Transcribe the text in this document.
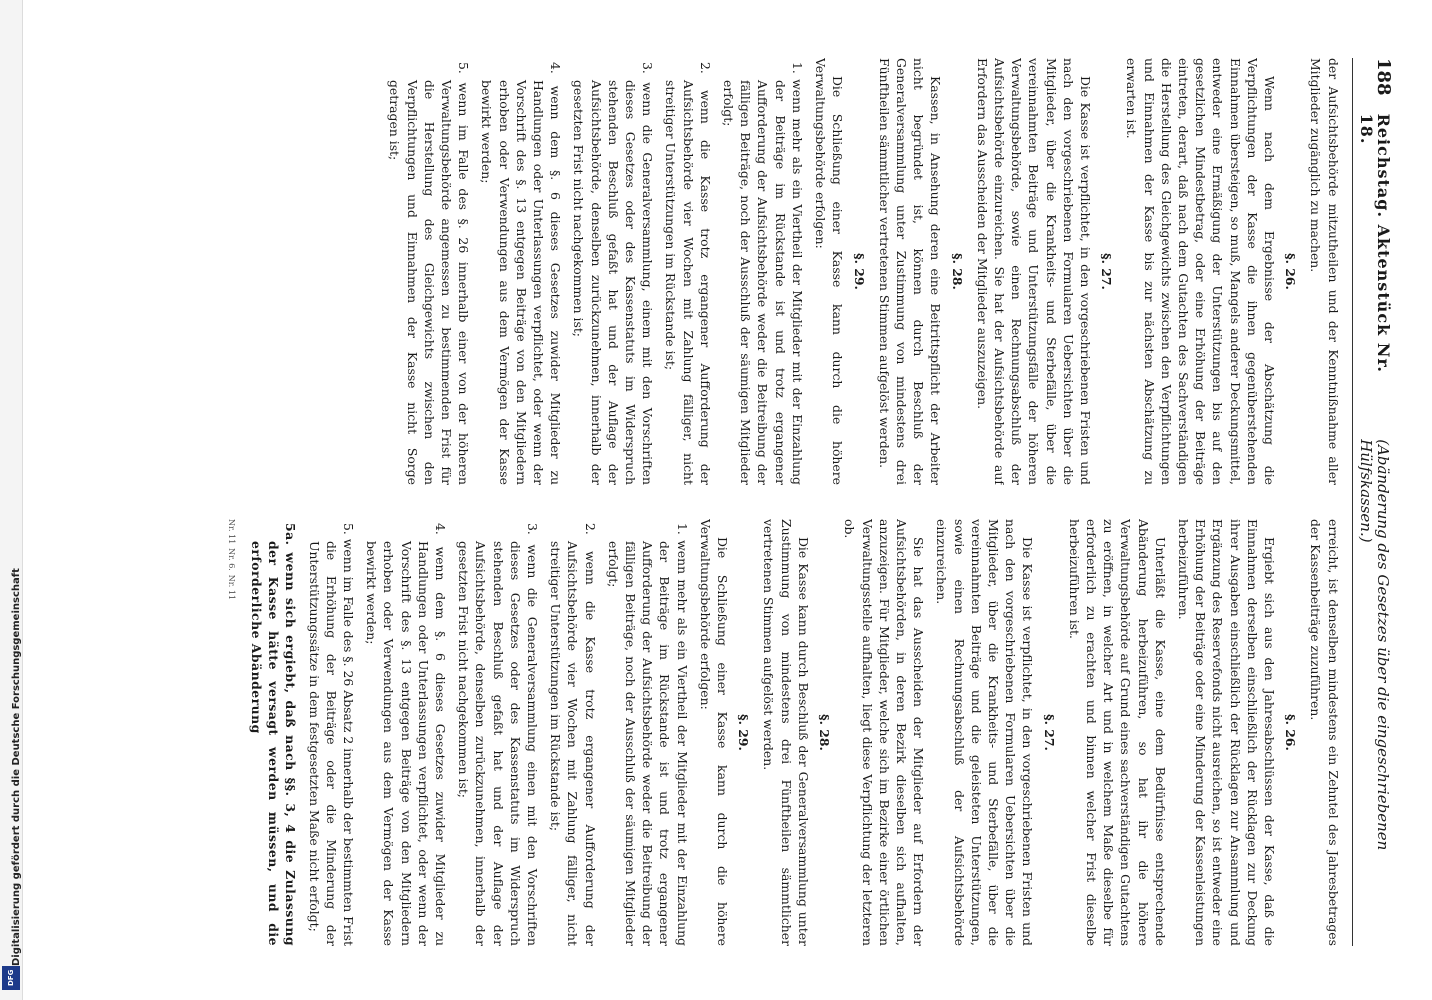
Digitalisierung gefördert durch die Deutsche Forschungsgemeinschaft
DFG
188
Reichstag. Aktenstück Nr. 18.
(Abänderung des Gesetzes über die eingeschriebenen Hülfskassen.)

der Aufsichtsbehörde mitzutheilen und der Kenntnißnahme aller Mitglieder zugänglich zu machen.

§. 26.

Wenn nach dem Ergebnisse der Abschätzung die Verpflichtungen der Kasse die ihnen gegenüberstehenden Einnahmen übersteigen, so muß, Mangels anderer Deckungsmittel, entweder eine Ermäßigung der Unterstützungen bis auf den gesetzlichen Mindestbetrag, oder eine Erhöhung der Beiträge eintreten, derart, daß nach dem Gutachten des Sachverständigen die Herstellung des Gleichgewichts zwischen den Verpflichtungen und Einnahmen der Kasse bis zur nächsten Abschätzung zu erwarten ist.

§. 27.

Die Kasse ist verpflichtet, in den vorgeschriebenen Fristen und nach den vorgeschriebenen Formularen Uebersichten über die Mitglieder, über die Krankheits- und Sterbefälle, über die vereinnahmten Beiträge und Unterstützungsfälle der höheren Verwaltungsbehörde, sowie einen Rechnungsabschluß der Aufsichtsbehörde einzureichen. Sie hat der Aufsichtsbehörde auf Erfordern das Ausscheiden der Mitglieder auszuzeigen.

§. 28.

Kassen, in Ansehung deren eine Beitrittspflicht der Arbeiter nicht begründet ist, können durch Beschluß der Generalversammlung unter Zustimmung von mindestens drei Fünftheilen sämmtlicher vertretenen Stimmen aufgelöst werden.

§. 29.

Die Schließung einer Kasse kann durch die höhere Verwaltungsbehörde erfolgen:

1. wenn mehr als ein Viertheil der Mitglieder mit der Einzahlung der Beiträge im Rückstande ist und trotz ergangener Aufforderung der Aufsichtsbehörde weder die Beitreibung der fälligen Beiträge, noch der Ausschluß der säumigen Mitglieder erfolgt;

2. wenn die Kasse trotz ergangener Aufforderung der Aufsichtsbehörde vier Wochen mit Zahlung fälliger, nicht streitiger Unterstützungen im Rückstande ist;

3. wenn die Generalversammlung, einem mit den Vorschriften dieses Gesetzes oder des Kassenstatuts im Widerspruch stehenden Beschluß gefaßt hat und der Auflage der Aufsichtsbehörde, denselben zurückzunehmen, innerhalb der gesetzten Frist nicht nachgekommen ist;

4. wenn dem §. 6 dieses Gesetzes zuwider Mitglieder zu Handlungen oder Unterlassungen verpflichtet, oder wenn der Vorschrift des §. 13 entgegen Beiträge von den Mitgliedern erhoben oder Verwendungen aus dem Vermögen der Kasse bewirkt werden;

5. wenn im Falle des §. 26 innerhalb einer von der höheren Verwaltungsbehörde angemessen zu bestimmenden Frist für die Herstellung des Gleichgewichts zwischen den Verpflichtungen und Einnahmen der Kasse nicht Sorge getragen ist;

erreicht, ist denselben mindestens ein Zehntel des Jahresbetrages der Kassenbeiträge zuzuführen.

§. 26.

Ergiebt sich aus den Jahresabschlüssen der Kasse, daß die Einnahmen derselben einschließlich der Rücklagen zur Deckung ihrer Ausgaben einschließlich der Rücklagen zur Ansammlung und Ergänzung des Reservefonds nicht ausreichen, so ist entweder eine Erhöhung der Beiträge oder eine Minderung der Kassenleistungen herbeizuführen.

Unterläßt die Kasse, eine dem Bedürfnisse entsprechende Abänderung herbeizuführen, so hat ihr die höhere Verwaltungsbehörde auf Grund eines sachverständigen Gutachtens zu eröffnen, in welcher Art und in welchem Maße dieselbe für erforderlich zu erachten und binnen welcher Frist dieselbe herbeizuführen ist.

§. 27.

Die Kasse ist verpflichtet, in den vorgeschriebenen Fristen und nach den vorgeschriebenen Formularen Uebersichten über die Mitglieder, über die Krankheits- und Sterbefälle, über die vereinnahmten Beiträge und die geleisteten Unterstützungen, sowie einen Rechnungsabschluß der Aufsichtsbehörde einzureichen.

Sie hat das Ausscheiden der Mitglieder auf Erfordern der Aufsichtsbehörden, in deren Bezirk dieselben sich aufhalten, anzuzeigen. Für Mitglieder, welche sich im Bezirke einer örtlichen Verwaltungsstelle aufhalten, liegt diese Verpflichtung der letzteren ob.

§. 28.

Die Kasse kann durch Beschluß der Generalversammlung unter Zustimmung von mindestens drei Fünftheilen sämmtlicher vertretenen Stimmen aufgelöst werden.

§. 29.

Die Schließung einer Kasse kann durch die höhere Verwaltungsbehörde erfolgen:

1. wenn mehr als ein Viertheil der Mitglieder mit der Einzahlung der Beiträge im Rückstande ist und trotz ergangener Aufforderung der Aufsichtsbehörde weder die Beitreibung der fälligen Beiträge, noch der Ausschluß der säumigen Mitglieder erfolgt;

2. wenn die Kasse trotz ergangener Aufforderung der Aufsichtsbehörde vier Wochen mit Zahlung fälliger, nicht streitiger Unterstützungen im Rückstande ist;

3. wenn die Generalversammlung einen mit den Vorschriften dieses Gesetzes oder des Kassenstatuts im Widerspruch stehenden Beschluß gefaßt hat und der Auflage der Aufsichtsbehörde, denselben zurückzunehmen, innerhalb der gesetzten Frist nicht nachgekommen ist;

4. wenn dem §. 6 dieses Gesetzes zuwider Mitglieder zu Handlungen oder Unterlassungen verpflichtet, oder wenn der Vorschrift des §. 13 entgegen Beiträge von den Mitgliedern erhoben oder Verwendungen aus dem Vermögen der Kasse bewirkt werden;

5. wenn im Falle des §. 26 Absatz 2 innerhalb der bestimmten Frist die Erhöhung der Beiträge oder die Minderung der Unterstützungssätze in dem festgesetzten Maße nicht erfolgt;

5a. wenn sich ergiebt, daß nach §§. 3, 4 die Zulassung der Kasse hätte versagt werden müssen, und die erforderliche Abänderung

Nr. 11 Nr. 6. Nr. 11
